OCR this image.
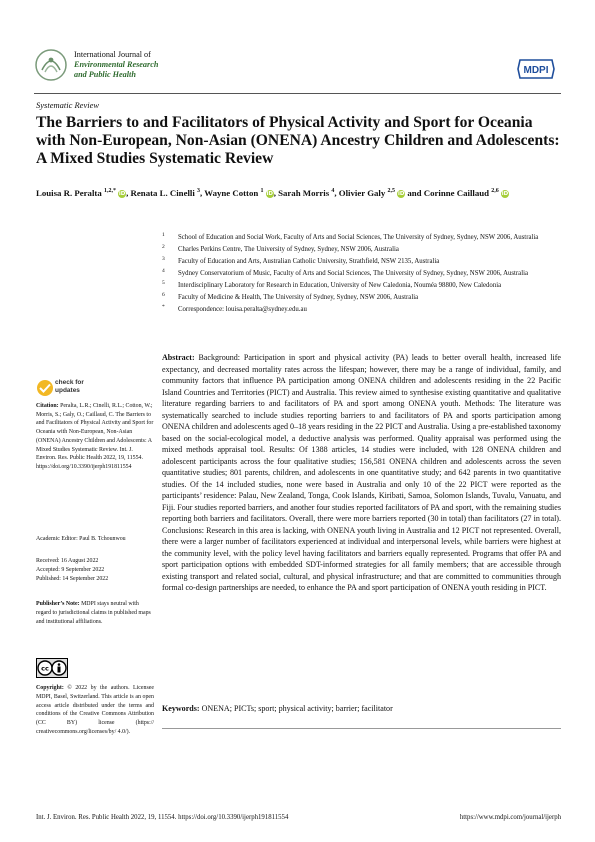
International Journal of
Environmental Research
and Public Health	MDPI
Systematic Review
The Barriers to and Facilitators of Physical Activity and Sport for Oceania with Non-European, Non-Asian (ONENA) Ancestry Children and Adolescents: A Mixed Studies Systematic Review
Louisa R. Peralta $^{1,2,*}$ iD, Renata L. Cinelli $^3$, Wayne Cotton $^1$ iD, Sarah Morris $^4$, Olivier Galy $^{2,5}$ iD and Corinne Caillaud $^{2,6}$ iD
1 School of Education and Social Work, Faculty of Arts and Social Sciences, The University of Sydney, Sydney, NSW 2006, Australia
2 Charles Perkins Centre, The University of Sydney, Sydney, NSW 2006, Australia
3 Faculty of Education and Arts, Australian Catholic University, Strathfield, NSW 2135, Australia
4 Sydney Conservatorium of Music, Faculty of Arts and Social Sciences, The University of Sydney, Sydney, NSW 2006, Australia
5 Interdisciplinary Laboratory for Research in Education, University of New Caledonia, Nouméa 98800, New Caledonia
6 Faculty of Medicine & Health, The University of Sydney, Sydney, NSW 2006, Australia
* Correspondence: louisa.peralta@sydney.edu.au
Abstract: Background: Participation in sport and physical activity (PA) leads to better overall health, increased life expectancy, and decreased mortality rates across the lifespan; however, there may be a range of individual, family, and community factors that influence PA participation among ONENA children and adolescents residing in the 22 Pacific Island Countries and Territories (PICT) and Australia. This review aimed to synthesise existing quantitative and qualitative literature regarding barriers to and facilitators of PA and sport among ONENA youth. Methods: The literature was systematically searched to include studies reporting barriers to and facilitators of PA and sports participation among ONENA children and adolescents aged 0–18 years residing in the 22 PICT and Australia. Using a pre-established taxonomy based on the social-ecological model, a deductive analysis was performed. Quality appraisal was performed using the mixed methods appraisal tool. Results: Of 1388 articles, 14 studies were included, with 128 ONENA children and adolescent participants across the four qualitative studies; 156,581 ONENA children and adolescents across the seven quantitative studies; 801 parents, children, and adolescents in one quantitative study; and 642 parents in two quantitative studies. Of the 14 included studies, none were based in Australia and only 10 of the 22 PICT were reported as the participants’ residence: Palau, New Zealand, Tonga, Cook Islands, Kiribati, Samoa, Solomon Islands, Tuvalu, Vanuatu, and Fiji. Four studies reported barriers, and another four studies reported facilitators of PA and sport, with the remaining studies reporting both barriers and facilitators. Overall, there were more barriers reported (30 in total) than facilitators (27 in total). Conclusions: Research in this area is lacking, with ONENA youth living in Australia and 12 PICT not represented. Overall, there were a larger number of facilitators experienced at individual and interpersonal levels, while barriers were highest at the community level, with the policy level having facilitators and barriers equally represented. Programs that offer PA and sport participation options with embedded SDT-informed strategies for all family members; that are accessible through existing transport and related social, cultural, and physical infrastructure; and that are committed to communities through formal co-design partnerships are needed, to enhance the PA and sport participation of ONENA youth residing in PICT.
Keywords: ONENA; PICTs; sport; physical activity; barrier; facilitator
check for
updates
Citation: Peralta, L.R.; Cinelli, R.L.; Cotton, W.; Morris, S.; Galy, O.; Caillaud, C. The Barriers to and Facilitators of Physical Activity and Sport for Oceania with Non-European, Non-Asian (ONENA) Ancestry Children and Adolescents: A Mixed Studies Systematic Review. Int. J. Environ. Res. Public Health 2022, 19, 11554. https://doi.org/10.3390/ijerph191811554
Academic Editor: Paul B. Tchounwou
Received: 16 August 2022
Accepted: 9 September 2022
Published: 14 September 2022
Publisher’s Note: MDPI stays neutral with regard to jurisdictional claims in published maps and institutional affiliations.
cc
Copyright: © 2022 by the authors. Licensee MDPI, Basel, Switzerland. This article is an open access article distributed under the terms and conditions of the Creative Commons Attribution (CC BY) license (https:// creativecommons.org/licenses/by/ 4.0/).
Int. J. Environ. Res. Public Health 2022, 19, 11554. https://doi.org/10.3390/ijerph191811554	https://www.mdpi.com/journal/ijerph
